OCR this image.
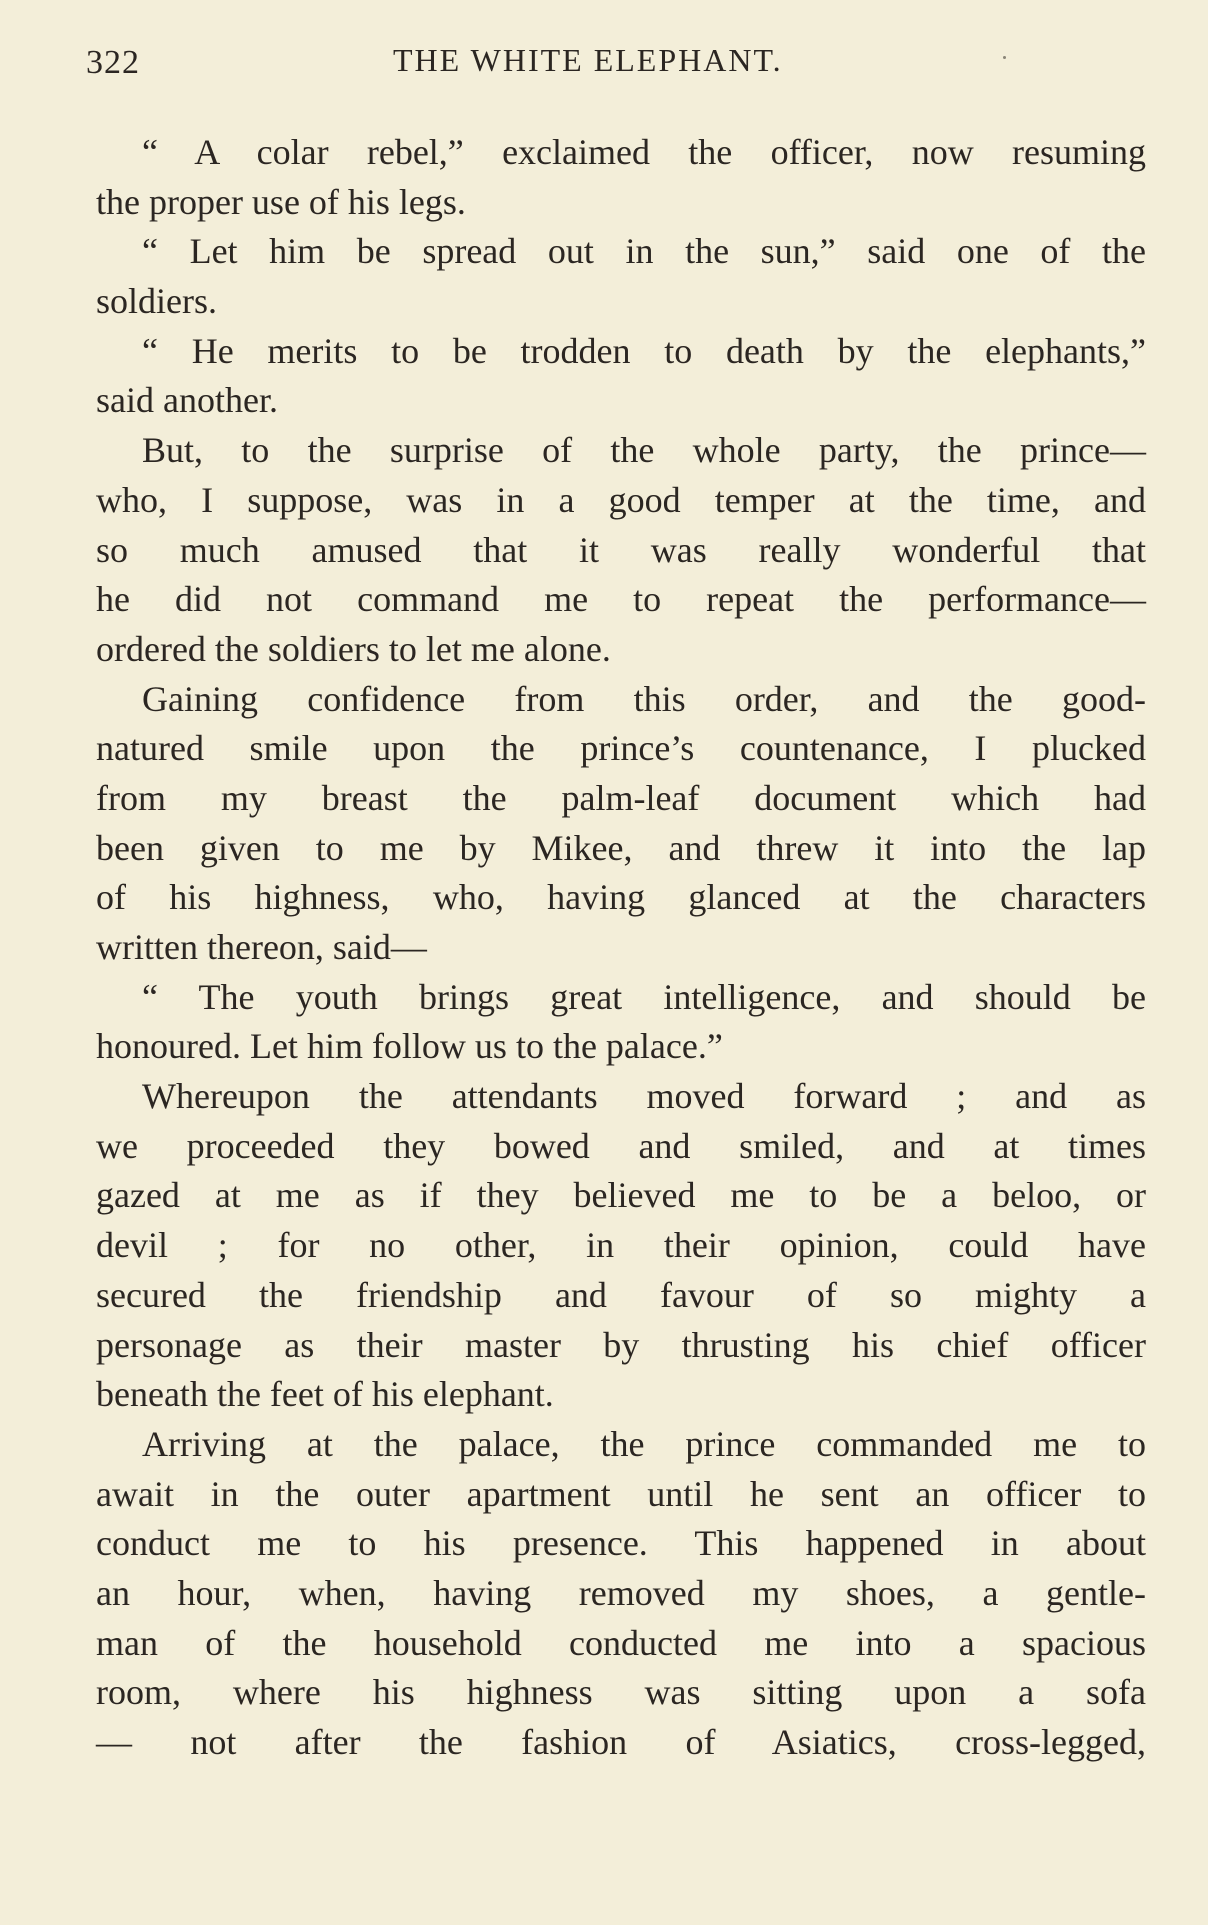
322	THE WHITE ELEPHANT.
“ A colar rebel,” exclaimed the officer, now resuming
the proper use of his legs.
“ Let him be spread out in the sun,” said one of the
soldiers.
“ He merits to be trodden to death by the elephants,”
said another.
But, to the surprise of the whole party, the prince—
who, I suppose, was in a good temper at the time, and
so much amused that it was really wonderful that
he did not command me to repeat the performance—
ordered the soldiers to let me alone.
Gaining confidence from this order, and the good-
natured smile upon the prince’s countenance, I plucked
from my breast the palm-leaf document which had
been given to me by Mikee, and threw it into the lap
of his highness, who, having glanced at the characters
written thereon, said—
“ The youth brings great intelligence, and should be
honoured. Let him follow us to the palace.”
Whereupon the attendants moved forward ; and as
we proceeded they bowed and smiled, and at times
gazed at me as if they believed me to be a beloo, or
devil ; for no other, in their opinion, could have
secured the friendship and favour of so mighty a
personage as their master by thrusting his chief officer
beneath the feet of his elephant.
Arriving at the palace, the prince commanded me to
await in the outer apartment until he sent an officer to
conduct me to his presence. This happened in about
an hour, when, having removed my shoes, a gentle-
man of the household conducted me into a spacious
room, where his highness was sitting upon a sofa
— not after the fashion of Asiatics, cross-legged,
